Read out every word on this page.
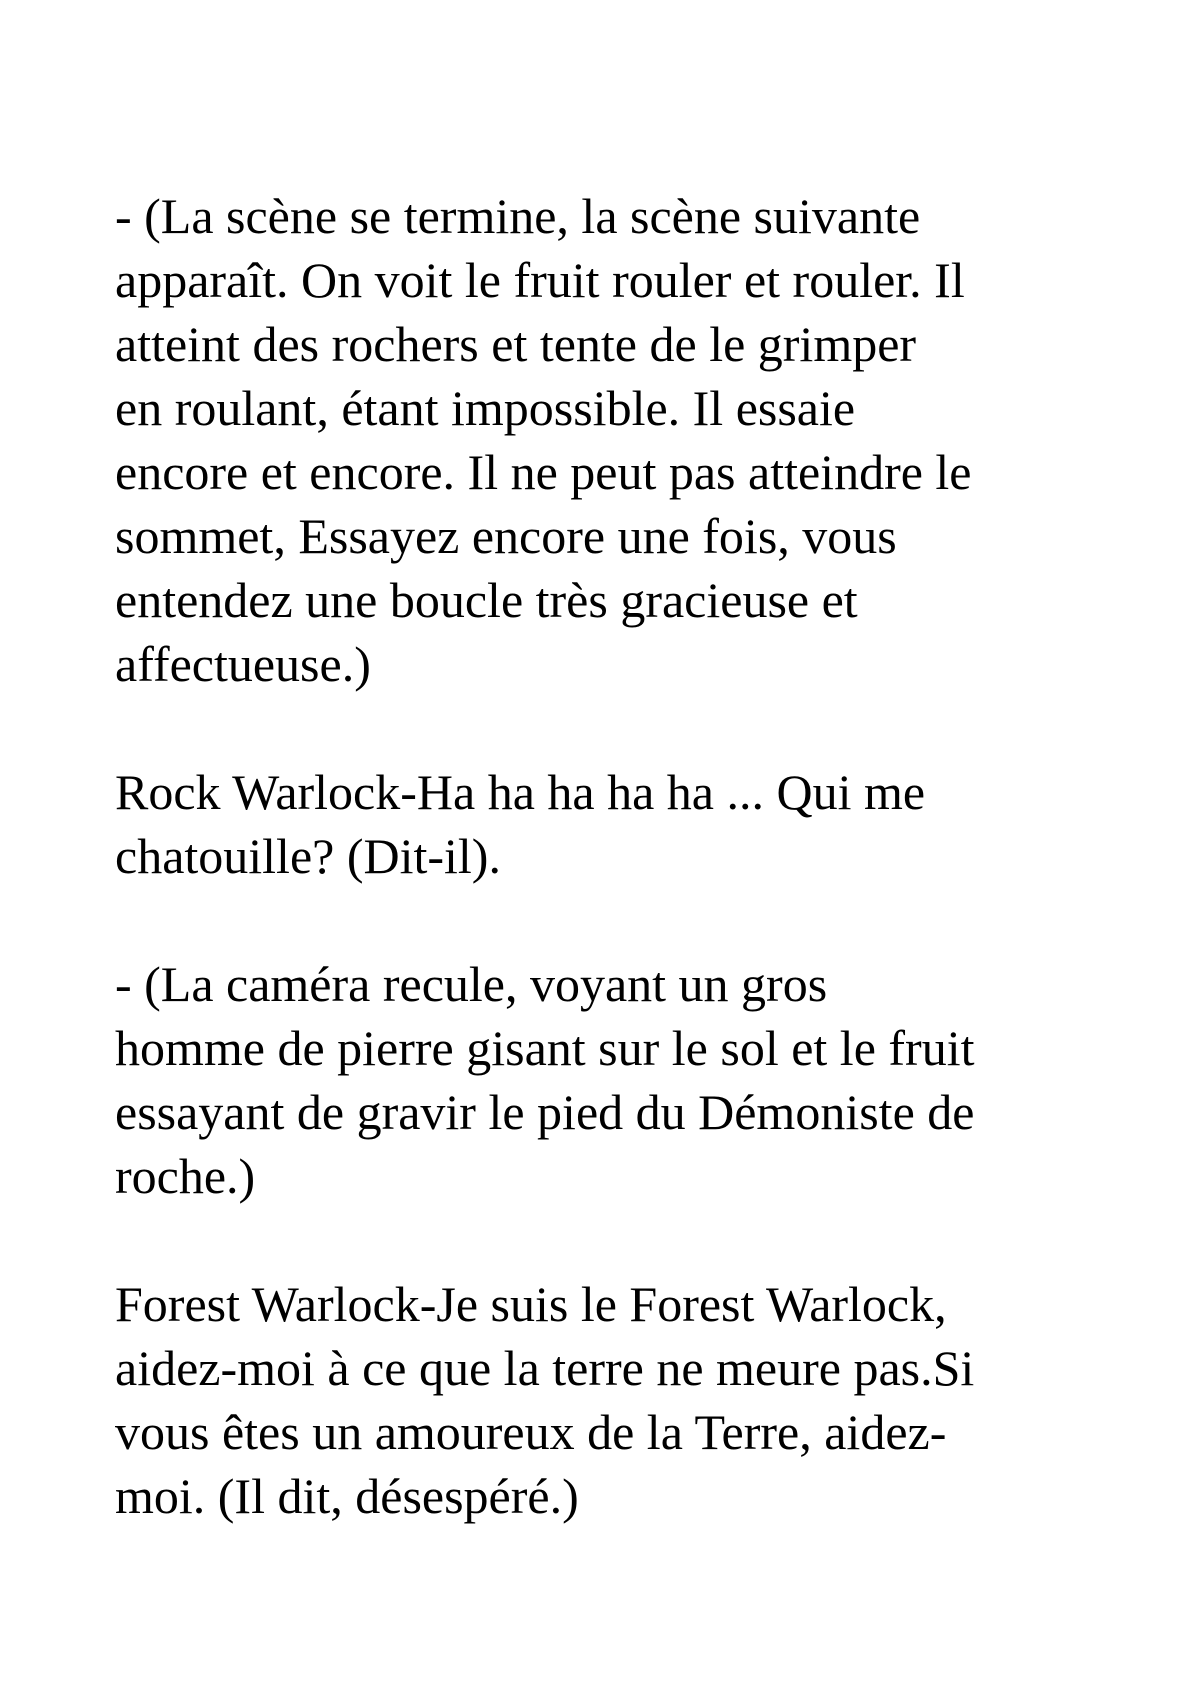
- (La scène se termine, la scène suivante
apparaît. On voit le fruit rouler et rouler. Il
atteint des rochers et tente de le grimper
en roulant, étant impossible. Il essaie
encore et encore. Il ne peut pas atteindre le
sommet, Essayez encore une fois, vous
entendez une boucle très gracieuse et
affectueuse.)

Rock Warlock-Ha ha ha ha ha ... Qui me
chatouille? (Dit-il).

- (La caméra recule, voyant un gros
homme de pierre gisant sur le sol et le fruit
essayant de gravir le pied du Démoniste de
roche.)

Forest Warlock-Je suis le Forest Warlock,
aidez-moi à ce que la terre ne meure pas.Si
vous êtes un amoureux de la Terre, aidez-
moi. (Il dit, désespéré.)
